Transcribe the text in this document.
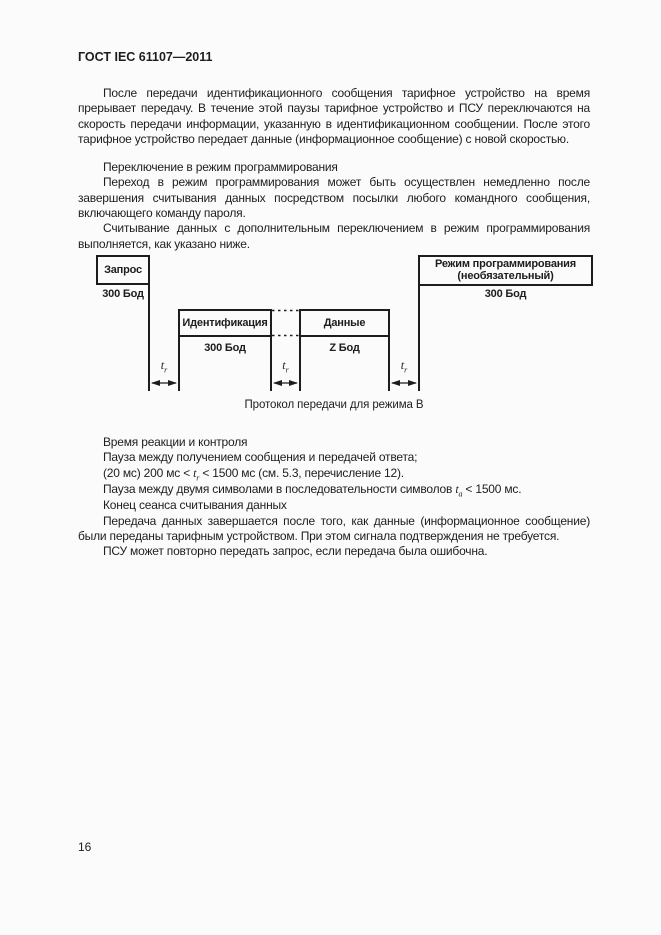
ГОСТ IEC 61107—2011

После передачи идентификационного сообщения тарифное устройство на время прерывает передачу. В течение этой паузы тарифное устройство и ПСУ переключаются на скорость передачи информации, указанную в идентификационном сообщении. После этого тарифное устройство передает данные (информационное сообщение) с новой скоростью.

Переключение в режим программирования

Переход в режим программирования может быть осуществлен немедленно после завершения считывания данных посредством посылки любого командного сообщения, включающего команду пароля.

Считывание данных с дополнительным переключением в режим программирования выполняется, как указано ниже.

Запрос
300 Бод
Идентификация
300 Бод
Данные
Z Бод
Режим программирования
(необязательный)
300 Бод
$t_r$	$t_r$	$t_r$
Протокол передачи для режима В

Время реакции и контроля

Пауза между получением сообщения и передачей ответа;

(20 мс) 200 мс < $t_r < 1500$ мс (см. 5.3, перечисление 12).

Пауза между двумя символами в последовательности символов $t_a < 1500$ мс.

Конец сеанса считывания данных

Передача данных завершается после того, как данные (информационное сообщение) были переданы тарифным устройством. При этом сигнала подтверждения не требуется.

ПСУ может повторно передать запрос, если передача была ошибочна.

16
